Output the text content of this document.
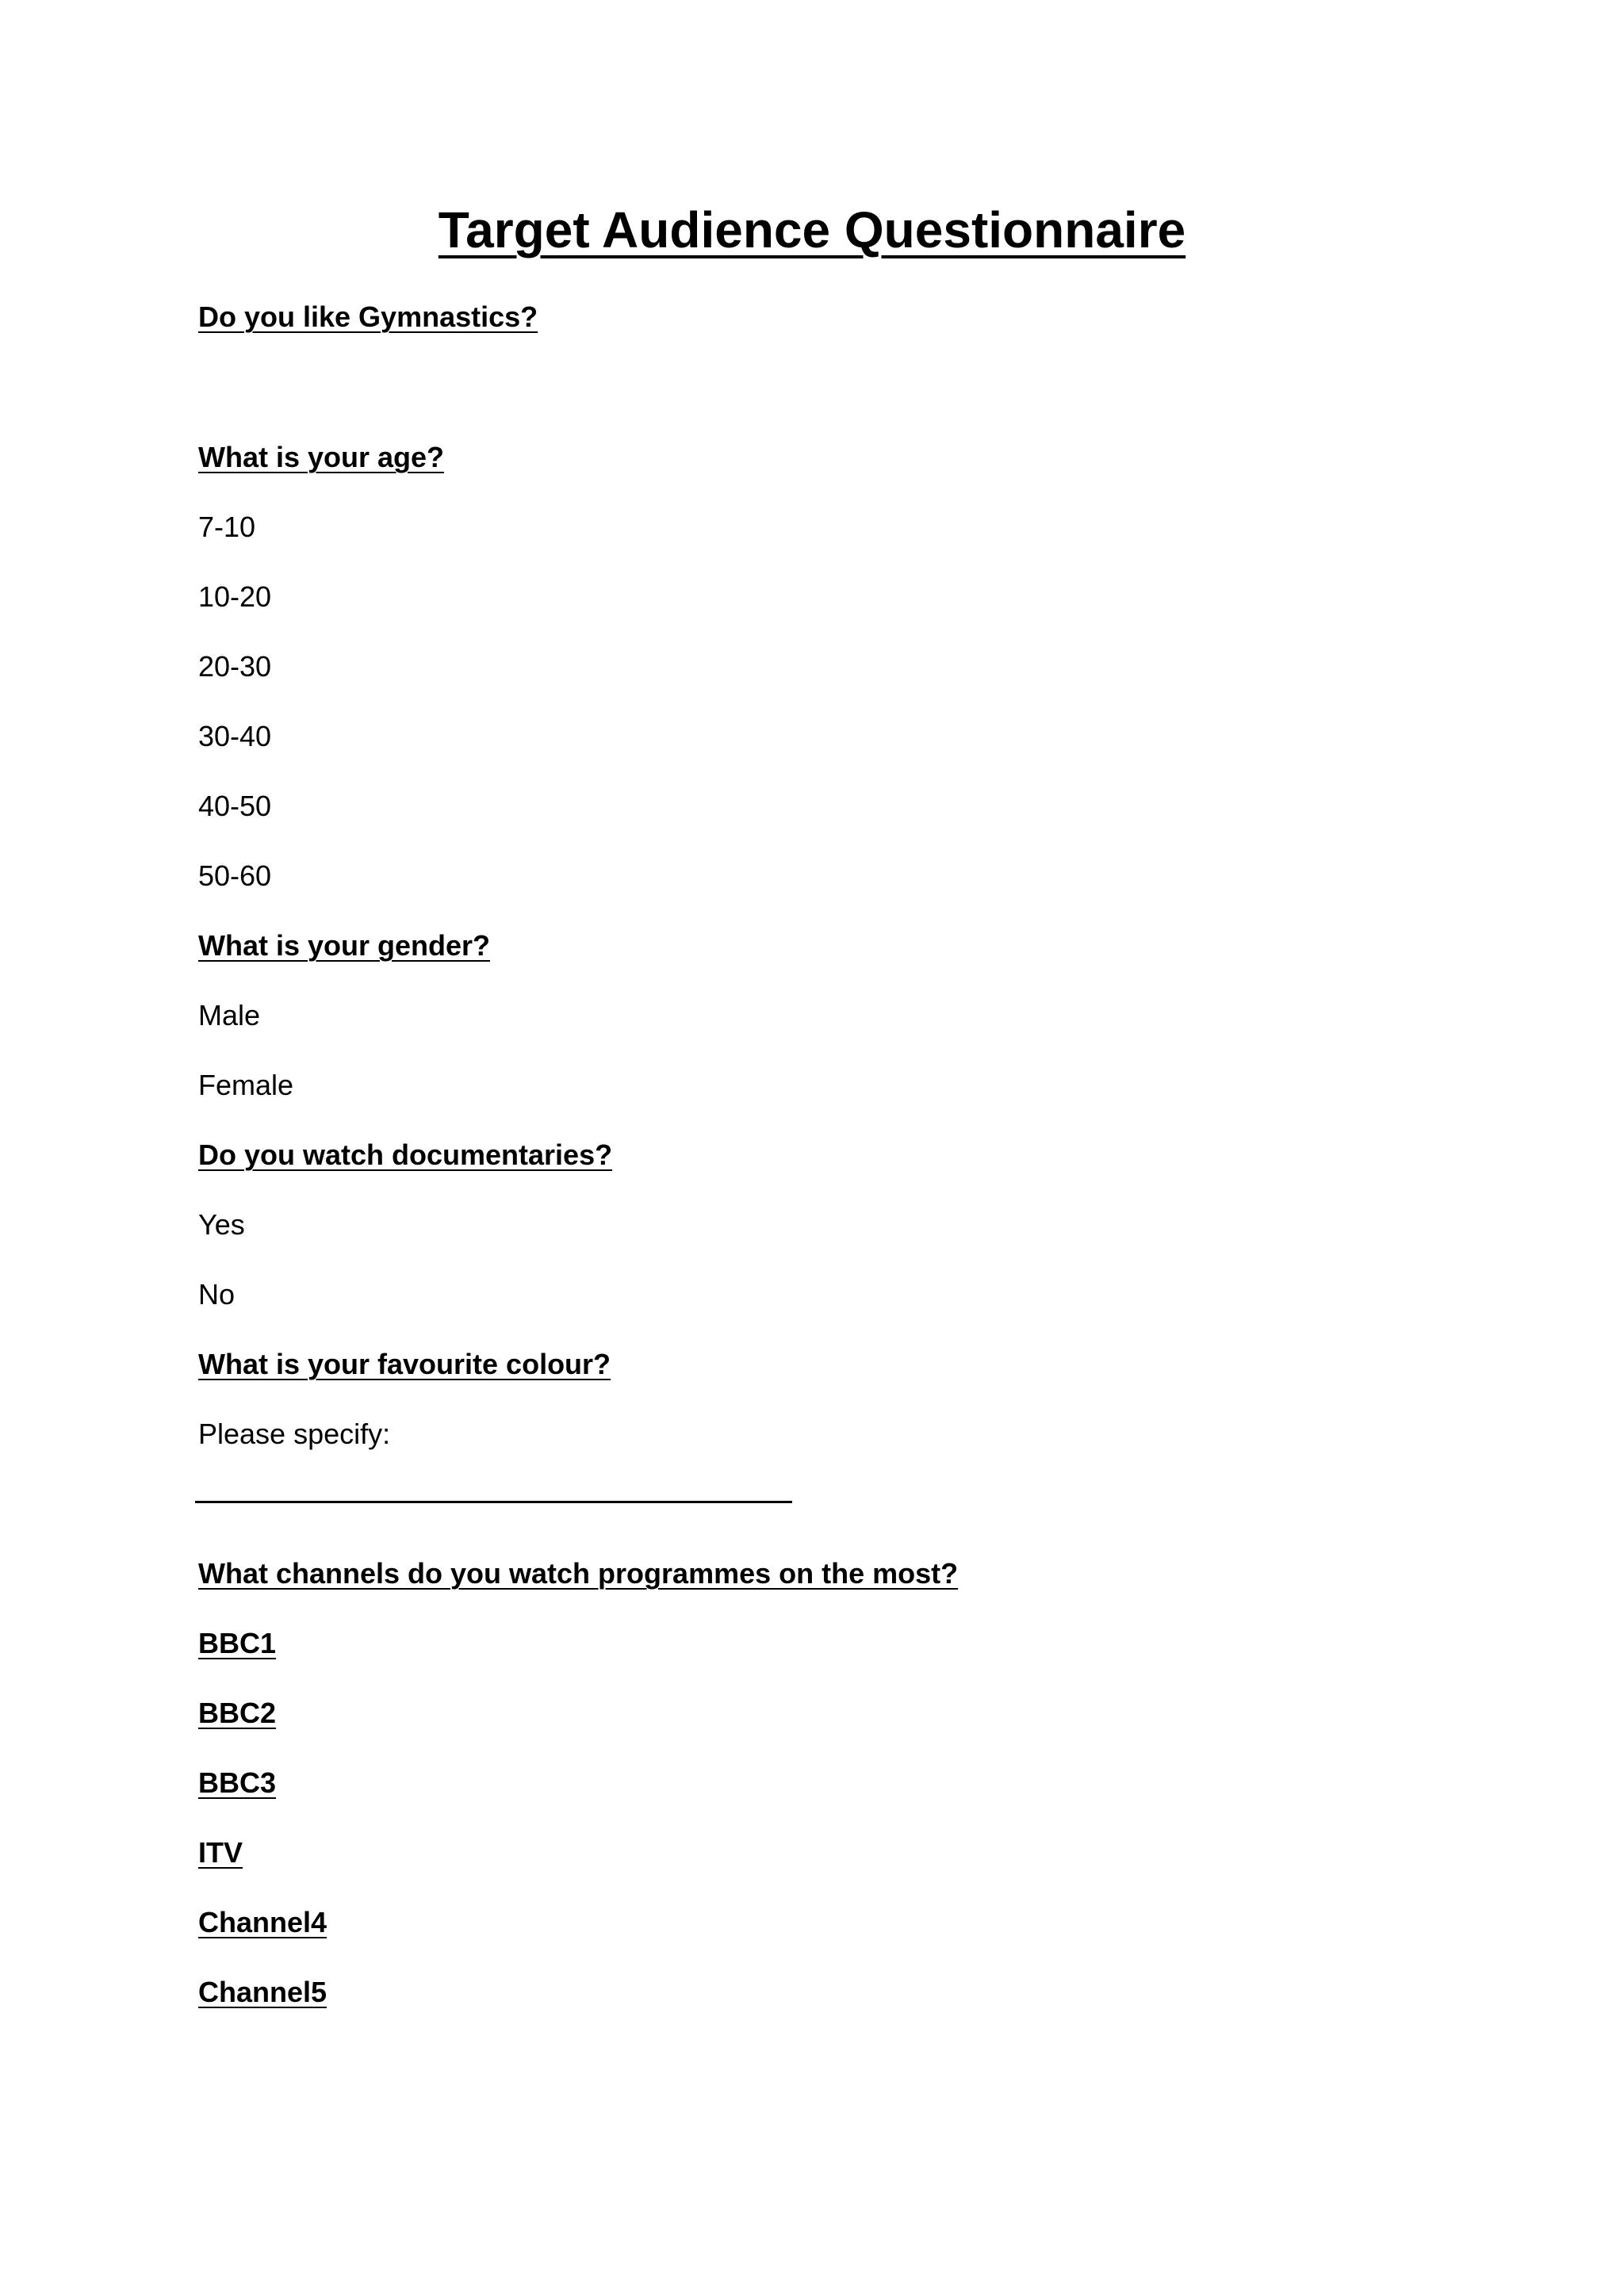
Target Audience Questionnaire
Do you like Gymnastics?
What is your age?
7-10
10-20
20-30
30-40
40-50
50-60
What is your gender?
Male
Female
Do you watch documentaries?
Yes
No
What is your favourite colour?
Please specify:
What channels do you watch programmes on the most?
BBC1
BBC2
BBC3
ITV
Channel4
Channel5
